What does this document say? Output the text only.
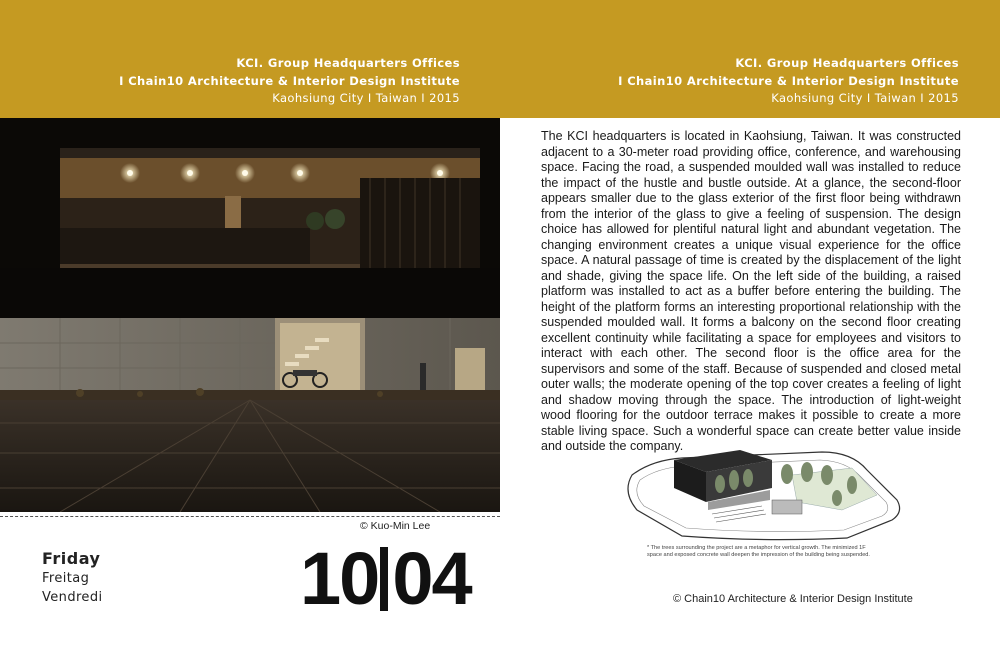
KCI. Group Headquarters Offices
I Chain10 Architecture & Interior Design Institute
Kaohsiung City I Taiwan I 2015
KCI. Group Headquarters Offices
I Chain10 Architecture & Interior Design Institute
Kaohsiung City I Taiwan I 2015
© Kuo-Min Lee
Friday
Freitag
Vendredi	10 04

The KCI headquarters is located in Kaohsiung, Taiwan. It was constructed adjacent to a 30-meter road providing office, conference, and warehousing space. Facing the road, a suspended moulded wall was installed to reduce the impact of the hustle and bustle outside. At a glance, the second-floor appears smaller due to the glass exterior of the first floor being withdrawn from the interior of the glass to give a feeling of suspension. The design choice has allowed for plentiful natural light and abundant vegetation. The changing environment creates a unique visual experience for the office space. A natural passage of time is created by the displacement of the light and shade, giving the space life. On the left side of the building, a raised platform was installed to act as a buffer before entering the building. The height of the platform forms an interesting proportional relationship with the suspended moulded wall. It forms a balcony on the second floor creating excellent continuity while facilitating a space for employees and visitors to interact with each other. The second floor is the office area for the supervisors and some of the staff. Because of suspended and closed metal outer walls; the moderate opening of the top cover creates a feeling of light and shadow moving through the space. The introduction of light-weight wood flooring for the outdoor terrace makes it possible to create a more stable living space. Such a wonderful space can create better value inside and outside the company.

* The trees surrounding the project are a metaphor for vertical growth. The minimized 1F space and exposed concrete wall deepen the impression of the building being suspended.
© Chain10 Architecture & Interior Design Institute
